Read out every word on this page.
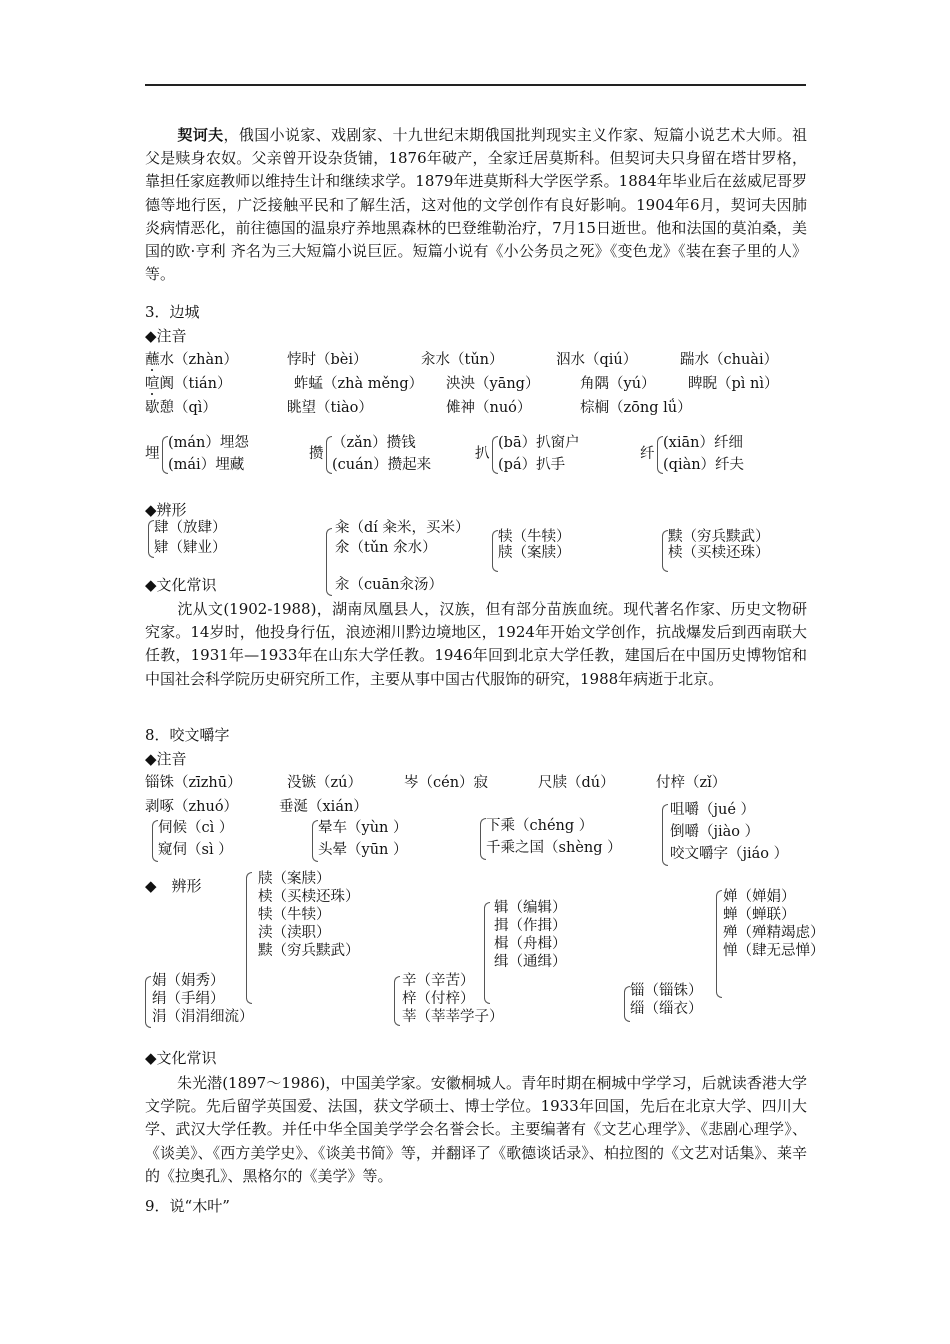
契诃夫，俄国小说家、戏剧家、十九世纪末期俄国批判现实主义作家、短篇小说艺术大师。祖父是赎身农奴。父亲曾开设杂货铺，1876年破产，全家迁居莫斯科。但契诃夫只身留在塔甘罗格，靠担任家庭教师以维持生计和继续求学。1879年进莫斯科大学医学系。1884年毕业后在兹威尼哥罗德等地行医，广泛接触平民和了解生活，这对他的文学创作有良好影响。1904年6月，契诃夫因肺炎病情恶化，前往德国的温泉疗养地黑森林的巴登维勒治疗，7月15日逝世。他和法国的莫泊桑，美国的欧·亨利 齐名为三大短篇小说巨匠。短篇小说有《小公务员之死》《变色龙》《装在套子里的人》等。
3．边城
◆注音
蘸水（zhàn）	悖时（bèi）	汆水（tǔn）	泅水（qiú）	踹水（chuài）
喧阗（tián）	蚱蜢（zhà měng） 泱泱（yāng）	角隅（yú） 睥睨（pì nì）
歇憩（qì）	眺望（tiào）	傩神（nuó）	棕榈（zōng lǘ）
埋
(mán）埋怨
(mái）埋藏
攒
（zǎn）攒钱
(cuán）攒起来
扒
(bā）扒窗户
(pá）扒手
纤
(xiān）纤细
(qiàn）纤夫
◆辨形
肆（放肆）
肄（肄业）
籴（dí 籴米，买米）
氽（tǔn 氽水）
汆（cuān汆汤）
犊（牛犊）
牍（案牍）
黩（穷兵黩武）
椟（买椟还珠）
◆文化常识
沈从文(1902-1988)，湖南凤凰县人，汉族，但有部分苗族血统。现代著名作家、历史文物研究家。14岁时，他投身行伍，浪迹湘川黔边境地区，1924年开始文学创作，抗战爆发后到西南联大任教，1931年—1933年在山东大学任教。1946年回到北京大学任教，建国后在中国历史博物馆和中国社会科学院历史研究所工作，主要从事中国古代服饰的研究，1988年病逝于北京。
8．咬文嚼字
◆注音
锱铢（zīzhū）	没镞（zú）	岑（cén）寂	尺牍（dú）	付梓（zǐ）
剥啄（zhuó）	垂涎（xián）
伺候（cì ）
窥伺（sì ）
晕车（yùn ）
头晕（yūn ）
下乘（chéng ）
千乘之国（shèng ）
咀嚼（jué ）
倒嚼（jiào ）
咬文嚼字（jiáo ）
◆　辨形	牍（案牍）
椟（买椟还珠）
犊（牛犊）
渎（渎职）
黩（穷兵黩武）
辑（编辑）
揖（作揖）
楫（舟楫）
缉（通缉）
婵（婵娟）
蝉（蝉联）
殚（殚精竭虑）
惮（肆无忌惮）
娟（娟秀）
绢（手绢）
涓（涓涓细流）
辛（辛苦）
梓（付梓）
莘（莘莘学子）
锱（锱铢）
缁（缁衣）
◆文化常识
朱光潜(1897～1986)，中国美学家。安徽桐城人。青年时期在桐城中学学习，后就读香港大学文学院。先后留学英国爱、法国，获文学硕士、博士学位。1933年回国，先后在北京大学、四川大学、武汉大学任教。并任中华全国美学学会名誉会长。主要编著有《文艺心理学》、《悲剧心理学》、《谈美》、《西方美学史》、《谈美书简》等，并翻译了《歌德谈话录》、柏拉图的《文艺对话集》、莱辛的《拉奥孔》、黑格尔的《美学》等。
9．说“木叶”
